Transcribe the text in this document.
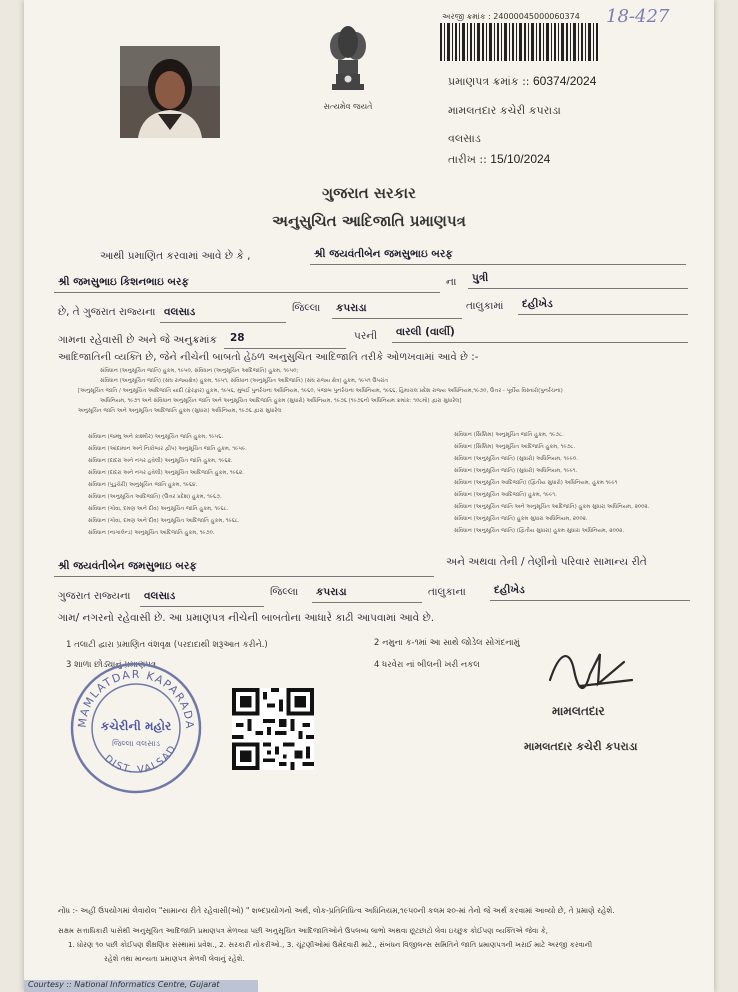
સત્યમેવ જયતે
અરજી ક્રમાંક : 24000045000060374 18-427
પ્રમાણપત્ર ક્રમાંક :: 60374/2024
મામલતદાર કચેરી કપરાડા
વલસાડ
તારીખ :: 15/10/2024
ગુજરાત સરકાર
અનુસુચિત આદિજાતિ પ્રમાણપત્ર
આથી પ્રમાણિત કરવામાં આવે છે કે ,	શ્રી જયવંતીબેન જમસુભાઇ બરફ
શ્રી જમસુભાઇ કિશનભાઇ બરફ	ના પુત્રી
છે, તે ગુજરાત રાજ્યના વલસાડ	જિલ્લા કપરાડા	તાલુકામાં દહીખેડ
ગામના રહેવાસી છે અને જે અનુક્રમાંક 28	પરની વારલી (વાર્લી)
આદિજાતિની વ્યક્તિ છે, જેને નીચેની બાબતો હેઠળ અનુસુચિત આદિજાતિ તરીકે ઓળખવામાં આવે છે :-
સંવિધાન (અનુસૂચિત જાતિ) હુકમ, ૧૯૫૦, સંવિધાન (અનુસૂચિત આદિજાતિ) હુકમ, ૧૯૫૦;
સંવિધાન (અનુસૂચિત જાતિ) (સંઘ રાજ્યક્ષેત્ર) હુકમ, ૧૯૫૧, સંવિધાન (અનુસૂચિત આદિજાતિ) (સંઘ રાજ્ય ક્ષેત્ર) હુકમ, ૧૯૫૧ ઉપરાંત
[અનુસૂચિત જાતિ / અનુસૂચિત આદિજાતિ યાદી (ફેરફાર) હુકમ, ૧૯૫૬, મુંબઈ પુનર્રચના અધિનિયમ, ૧૯૬૦, પંજાબ પુનર્રચના અધિનિયમ, ૧૯૬૬, હિમાચલ પ્રદેશ રાજ્ય અધિનિયમ,૧૯૭૦, ઉત્તર - પૂર્વીય વિસ્તારો(પુનર્રચના)
અધિનિયમ, ૧૯૭૧ અને સંવિધાન અનુસૂચિત જાતિ અને અનુસૂચિત આદિજાતિ હુકમ (સુધારો) અધિનિયમ, ૧૯૭૬ (૧૯૭૬નો અધિનિયમ ક્રમાંક: ૧૦૮મો) દ્વારા સુધારેલ]
અનુસૂચિત જાતિ અને અનુસૂચિત આદિજાતિ હુકમ (સુધારા) અધિનિયમ, ૧૯૭૬ દ્વારા સુધારેલ
સંવિધાન (જમ્મુ અને કાશ્મીર) અનુસૂચિત જાતિ હુકમ, ૧૯૫૬.
સંવિધાન (આંદામાન અને નિકોબાર દ્વીપ) અનુસૂચિત જાતિ હુકમ, ૧૯૫૯.
સંવિધાન (દાદરા અને નગર હવેલી) અનુસૂચિત જાતિ હુકમ, ૧૯૬૨.
સંવિધાન (દાદરા અને નગર હવેલી) અનુસૂચિત આદિજાતિ હુકમ, ૧૯૬૨.
સંવિધાન (પુડુચેરી) અનુસૂચિત જાતિ હુકમ, ૧૯૬૪.
સંવિધાન (અનુસૂચિત આદિજાતિ) (ઉત્તર પ્રદેશ) હુકમ, ૧૯૬૭.
સંવિધાન (ગોવા, દમણ અને દીવ) અનુસૂચિત જાતિ હુકમ, ૧૯૬૮.
સંવિધાન (ગોવા, દમણ અને દીવ) અનુસૂચિત આદિજાતિ હુકમ, ૧૯૬૮.
સંવિધાન (નાગાલેન્ડ) અનુસૂચિત આદિજાતિ હુકમ, ૧૯૭૦.
સંવિધાન (સિક્કિમ) અનુસૂચિત જાતિ હુકમ, ૧૯૭૮.
સંવિધાન (સિક્કિમ) અનુસૂચિત આદિજાતિ હુકમ, ૧૯૭૮.
સંવિધાન (અનુસૂચિત જાતિ) (સુધારો) અધિનિયમ, ૧૯૯૦.
સંવિધાન (અનુસૂચિત જાતિ) (સુધારો) અધિનિયમ, ૧૯૯૧.
સંવિધાન (અનુસૂચિત આદિજાતિ) (દ્વિતીય સુધારો) અધિનિયમ, હુકમ ૧૯૯૧
સંવિધાન (અનુસૂચિત આદિજાતિ) હુકમ, ૧૯૯૧.
સંવિધાન (અનુસૂચિત જાતિ અને અનુસૂચિત આદિજાતિ) હુકમ સુધારા અધિનિયમ, ૨૦૦૨.
સંવિધાન (અનુસૂચિત જાતિ) હુકમ સુધારા અધિનિયમ, ૨૦૦૨.
સંવિધાન (અનુસૂચિત જાતિ) (દ્વિતીય સુધારા) હુકમ સુધારા અધિનિયમ, ૨૦૦૨.
શ્રી જયવંતીબેન જમસુભાઇ બરફ	અને અથવા તેની / તેણીનો પરિવાર સામાન્ય રીતે
ગુજરાત રાજ્યના વલસાડ	જિલ્લા કપરાડા	તાલુકાના	દહીખેડ
ગામ/ નગરનો રહેવાસી છે. આ પ્રમાણપત્ર નીચેની બાબતોના આધારે કાઢી આપવામાં આવે છે.
1 તલાટી દ્વારા પ્રમાણિત વંશવૃક્ષ (પરદાદાથી શરૂઆત કરીને.)	2 નમુના ક-૧માં આ સાથે જોડેલ સોગંદનામું
3 શાળા છોડ્યાનું પ્રમાણપત્ર	4 ધરવેરા નાં બીલની ખરી નકલ
MAMLATDAR KAPARADA
DIST. VALSAD
કચેરીની મહોર
જિલ્લા વલસાડ
મામલતદાર
મામલતદાર કચેરી કપરાડા
નોંધ :- અહીં ઉપયોગમાં લેવાયેલ "સામાન્ય રીતે રહેવાસી(ઓ) " શબ્દપ્રયોગનો અર્થ, લોક-પ્રતિનિધિત્વ અધિનિયમ,૧૯૫૦ની કલમ ૨૦-માં તેનો જે અર્થ કરવામાં આવ્યો છે, તે પ્રમાણે રહેશે.
સક્ષમ સત્તાધિકારી પાસેથી અનુસૂચિત આદિજાતિ પ્રમાણપત્ર મેળવ્યા પછી અનુસૂચિત આદિજાતિઓને ઉપલબ્ધ લાભો અથવા છૂટછાટો લેવા ઇચ્છુક કોઈપણ વ્યક્તિએ જેવા કે,
1. ધોરણ ૧૦ પછી કોઈપણ શૈક્ષણિક સંસ્થામાં પ્રવેશ., 2. સરકારી નોકરીઓ., 3. ચૂંટણીઓમાં ઉમેદવારી માટે., સંબંધન વિજીલન્સ સમિતિને જાતિ પ્રમાણપત્રની ખરાઈ માટે અરજી કરવાની
રહેશે તથા માન્યતા પ્રમાણપત્ર મેળવી લેવાનું રહેશે.
Courtesy :: National Informatics Centre, Gujarat
